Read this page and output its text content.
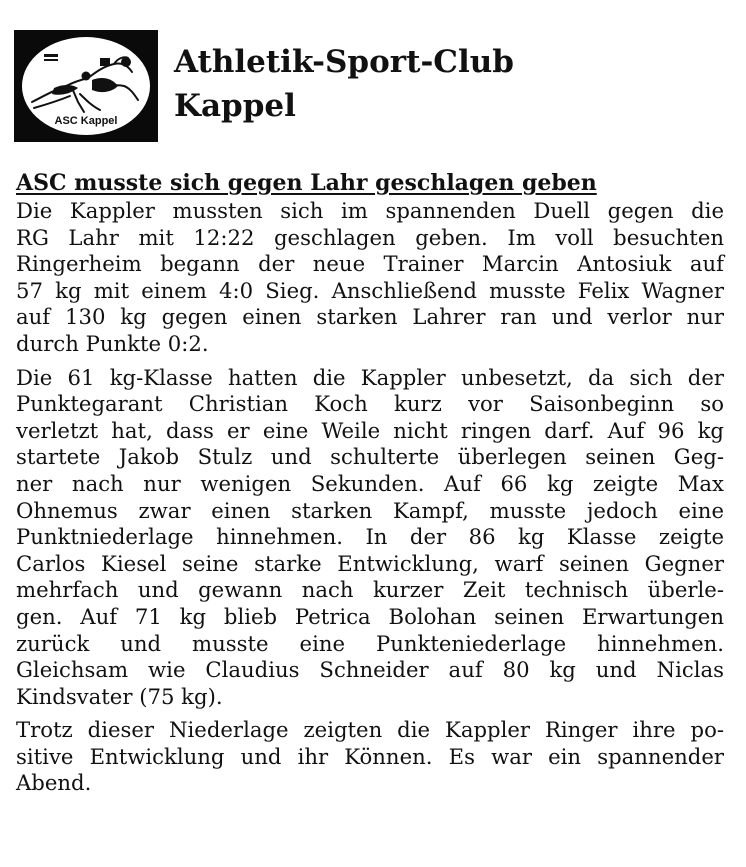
ASC Kappel
Athletik-Sport-Club
Kappel
ASC musste sich gegen Lahr geschlagen geben
Die Kappler mussten sich im spannenden Duell gegen die
RG Lahr mit 12:22 geschlagen geben. Im voll besuchten
Ringerheim begann der neue Trainer Marcin Antosiuk auf
57 kg mit einem 4:0 Sieg. Anschließend musste Felix Wagner
auf 130 kg gegen einen starken Lahrer ran und verlor nur
durch Punkte 0:2.
Die 61 kg-Klasse hatten die Kappler unbesetzt, da sich der
Punktegarant Christian Koch kurz vor Saisonbeginn so
verletzt hat, dass er eine Weile nicht ringen darf. Auf 96 kg
startete Jakob Stulz und schulterte überlegen seinen Geg-
ner nach nur wenigen Sekunden. Auf 66 kg zeigte Max
Ohnemus zwar einen starken Kampf, musste jedoch eine
Punktniederlage hinnehmen. In der 86 kg Klasse zeigte
Carlos Kiesel seine starke Entwicklung, warf seinen Gegner
mehrfach und gewann nach kurzer Zeit technisch überle-
gen. Auf 71 kg blieb Petrica Bolohan seinen Erwartungen
zurück und musste eine Punkteniederlage hinnehmen.
Gleichsam wie Claudius Schneider auf 80 kg und Niclas
Kindsvater (75 kg).
Trotz dieser Niederlage zeigten die Kappler Ringer ihre po-
sitive Entwicklung und ihr Können. Es war ein spannender
Abend.
